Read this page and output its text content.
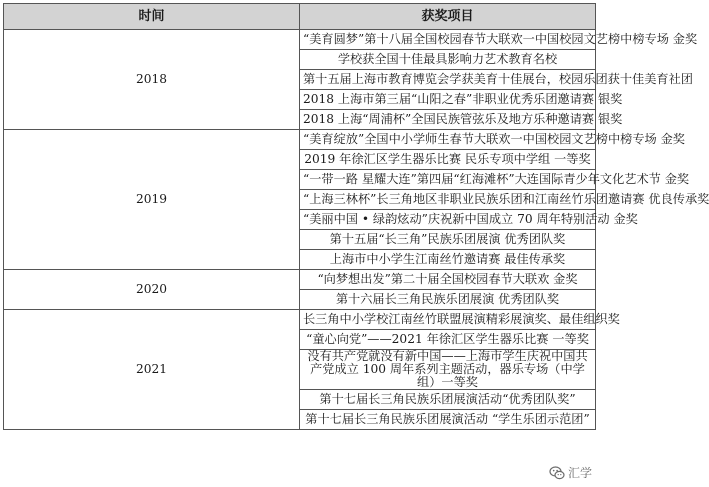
时间	获奖项目
2018	“美育圆梦”第十八届全国校园春节大联欢一中国校园文艺榜中榜专场 金奖
	学校获全国十佳最具影响力艺术教育名校
	第十五届上海市教育博览会学获美育十佳展台，校园乐团获十佳美育社团
	2018 上海市第三届“山阳之春”非职业优秀乐团邀请赛 银奖
	2018 上海“周浦杯”全国民族管弦乐及地方乐种邀请赛 银奖
2019	“美育绽放”全国中小学师生春节大联欢一中国校园文艺榜中榜专场 金奖
	2019 年徐汇区学生器乐比赛 民乐专项中学组 一等奖
	“一带一路 星耀大连”第四届“红海滩杯”大连国际青少年文化艺术节 金奖
	“上海三林杯”长三角地区非职业民族乐团和江南丝竹乐团邀请赛 优良传承奖
	“美丽中国 • 绿韵炫动”庆祝新中国成立 70 周年特别活动 金奖
	第十五届“长三角”民族乐团展演 优秀团队奖
	上海市中小学生江南丝竹邀请赛 最佳传承奖
2020	“向梦想出发”第二十届全国校园春节大联欢 金奖
	第十六届长三角民族乐团展演 优秀团队奖
2021	长三角中小学校江南丝竹联盟展演精彩展演奖、最佳组织奖
	“童心向党”——2021 年徐汇区学生器乐比赛 一等奖
	没有共产党就没有新中国——上海市学生庆祝中国共产党成立 100 周年系列主题活动，器乐专场（中学组）一等奖
	第十七届长三角民族乐团展演活动“优秀团队奖”
	第十七届长三角民族乐团展演活动 “学生乐团示范团”
汇学
